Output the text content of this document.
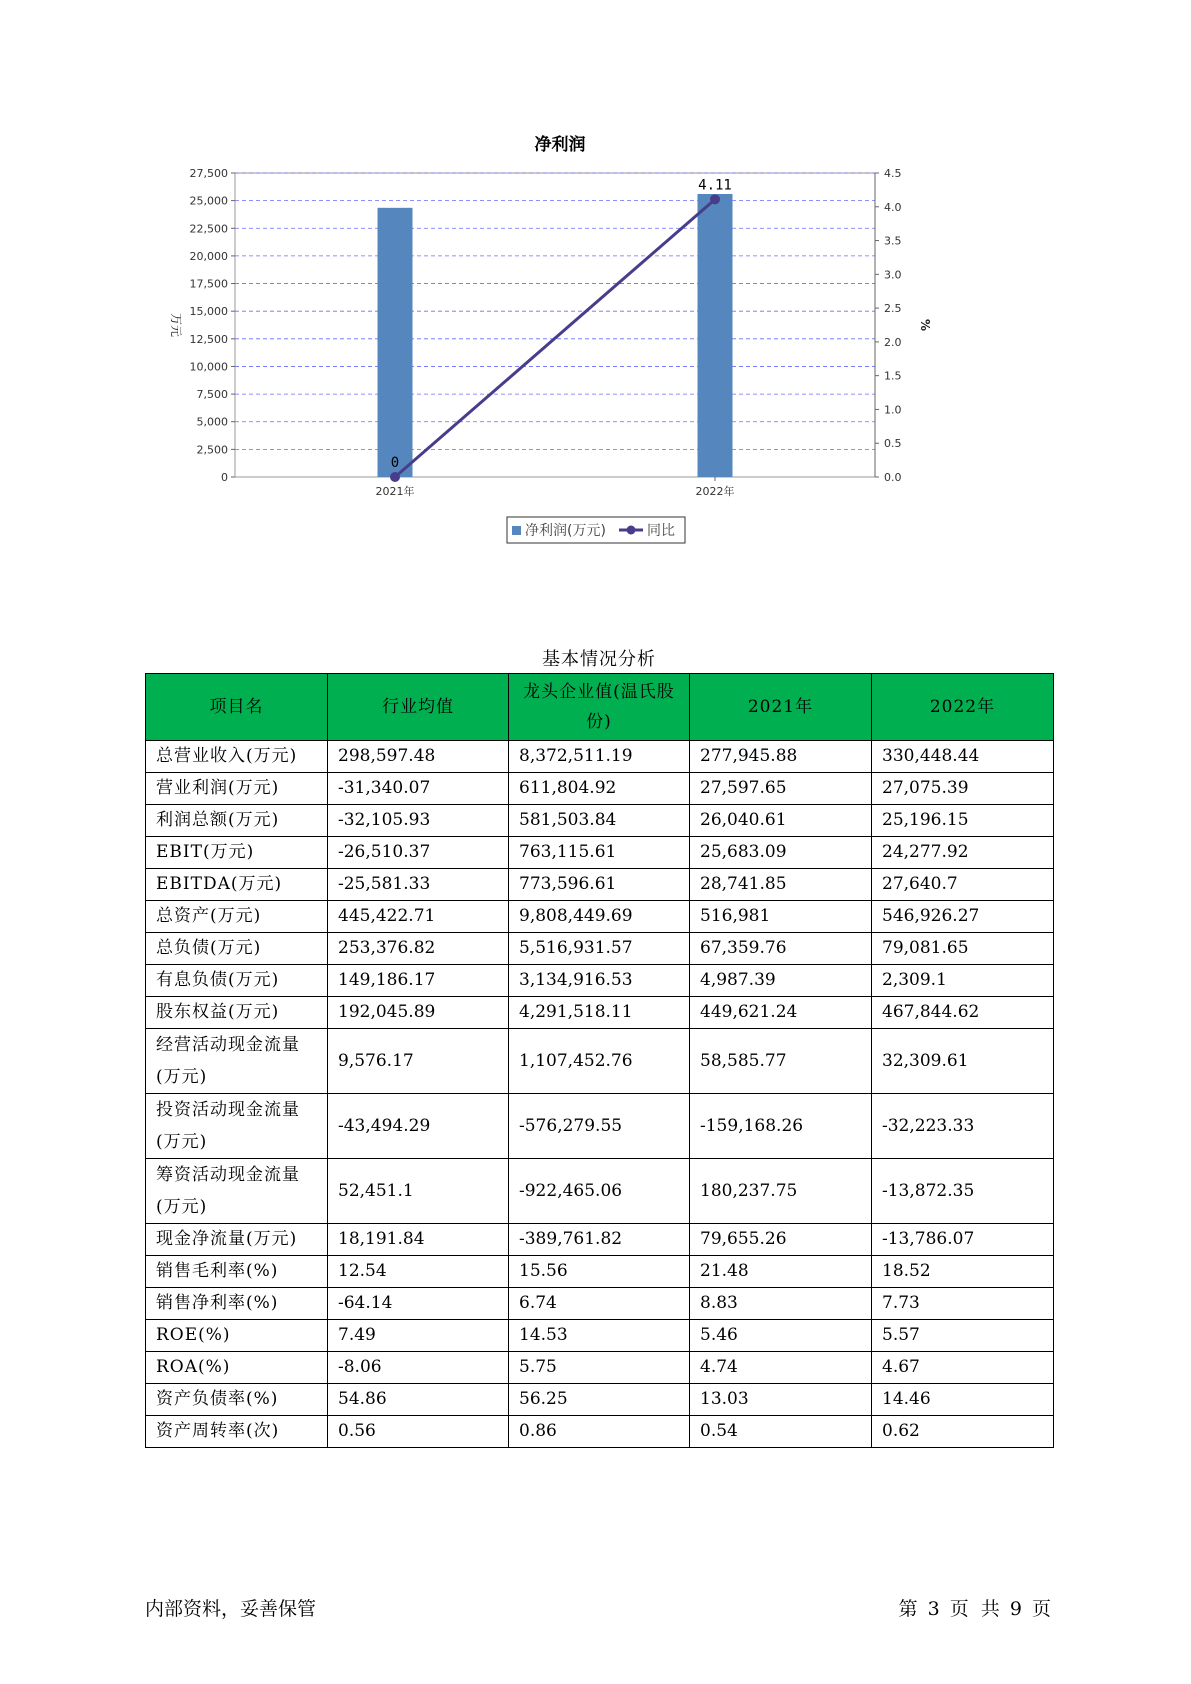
净利润
0
2,500
5,000
7,500
10,000
12,500
15,000
17,500
20,000
22,500
25,000
27,500
0.0
0.5
1.0
1.5
2.0
2.5
3.0
3.5
4.0
4.5
万元	%
2021年	2022年
0
4.11
净利润(万元)	同比
基本情况分析
项目名	行业均值	龙头企业值(温氏股份)	2021年	2022年
总营业收入(万元)	298,597.48	8,372,511.19	277,945.88	330,448.44
营业利润(万元)	-31,340.07	611,804.92	27,597.65	27,075.39
利润总额(万元)	-32,105.93	581,503.84	26,040.61	25,196.15
EBIT(万元)	-26,510.37	763,115.61	25,683.09	24,277.92
EBITDA(万元)	-25,581.33	773,596.61	28,741.85	27,640.7
总资产(万元)	445,422.71	9,808,449.69	516,981	546,926.27
总负债(万元)	253,376.82	5,516,931.57	67,359.76	79,081.65
有息负债(万元)	149,186.17	3,134,916.53	4,987.39	2,309.1
股东权益(万元)	192,045.89	4,291,518.11	449,621.24	467,844.62
经营活动现金流量(万元)	9,576.17	1,107,452.76	58,585.77	32,309.61
投资活动现金流量(万元)	-43,494.29	-576,279.55	-159,168.26	-32,223.33
筹资活动现金流量(万元)	52,451.1	-922,465.06	180,237.75	-13,872.35
现金净流量(万元)	18,191.84	-389,761.82	79,655.26	-13,786.07
销售毛利率(%)	12.54	15.56	21.48	18.52
销售净利率(%)	-64.14	6.74	8.83	7.73
ROE(%)	7.49	14.53	5.46	5.57
ROA(%)	-8.06	5.75	4.74	4.67
资产负债率(%)	54.86	56.25	13.03	14.46
资产周转率(次)	0.56	0.86	0.54	0.62
内部资料，妥善保管	第 3 页  共 9 页
